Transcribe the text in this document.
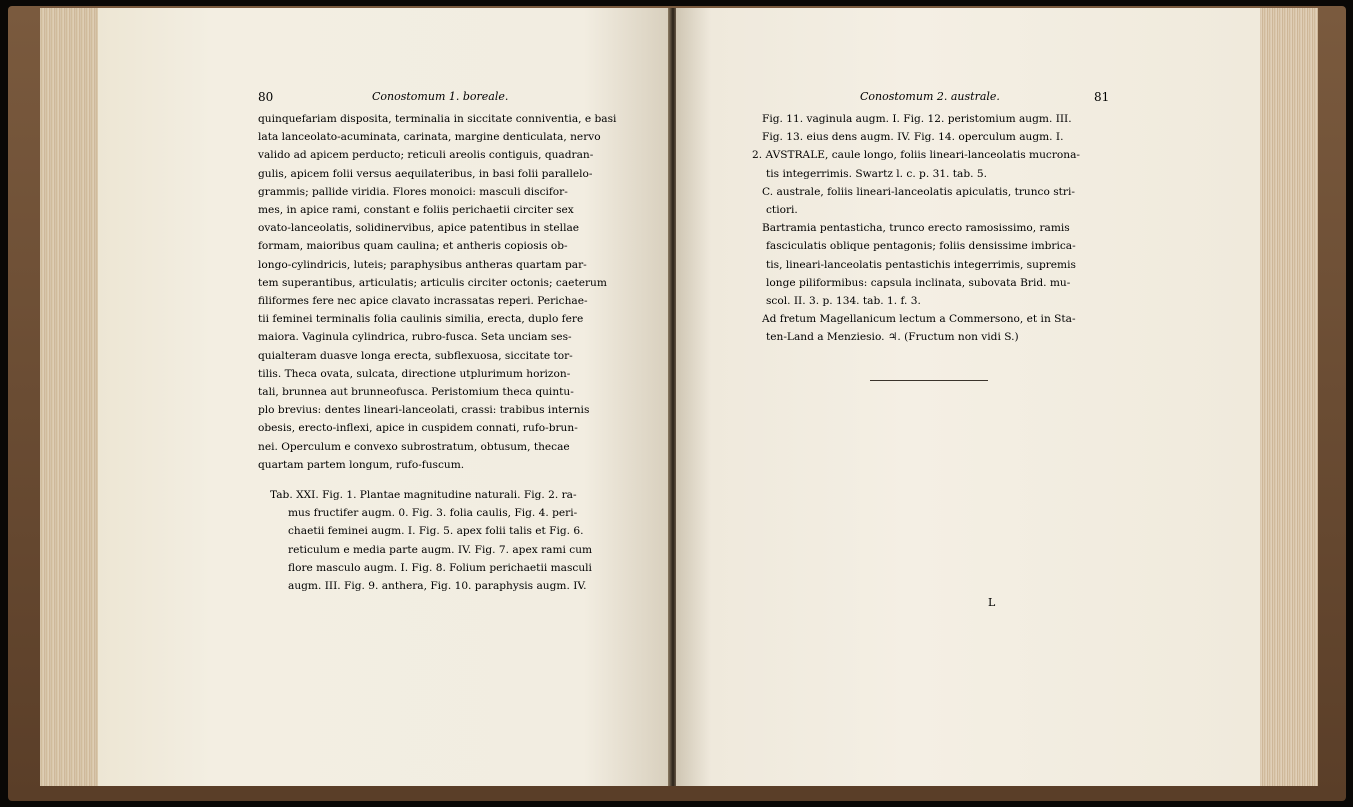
80	Conostomum 1. boreale.
quinquefariam disposita, terminalia in siccitate conniventia, e basi
lata lanceolato-acuminata, carinata, margine denticulata, nervo
valido ad apicem perducto; reticuli areolis contiguis, quadran-
gulis, apicem folii versus aequilateribus, in basi folii parallelo-
grammis; pallide viridia. Flores monoici: masculi discifor-
mes, in apice rami, constant e foliis perichaetii circiter sex
ovato-lanceolatis, solidinervibus, apice patentibus in stellae
formam, maioribus quam caulina; et antheris copiosis ob-
longo-cylindricis, luteis; paraphysibus antheras quartam par-
tem superantibus, articulatis; articulis circiter octonis; caeterum
filiformes fere nec apice clavato incrassatas reperi. Perichae-
tii feminei terminalis folia caulinis similia, erecta, duplo fere
maiora. Vaginula cylindrica, rubro-fusca. Seta unciam ses-
quialteram duasve longa erecta, subflexuosa, siccitate tor-
tilis. Theca ovata, sulcata, directione utplurimum horizon-
tali, brunnea aut brunneofusca. Peristomium theca quintu-
plo brevius: dentes lineari-lanceolati, crassi: trabibus internis
obesis, erecto-inflexi, apice in cuspidem connati, rufo-brun-
nei. Operculum e convexo subrostratum, obtusum, thecae
quartam partem longum, rufo-fuscum.
Tab. XXI. Fig. 1. Plantae magnitudine naturali. Fig. 2. ra-
mus fructifer augm. 0. Fig. 3. folia caulis, Fig. 4. peri-
chaetii feminei augm. I. Fig. 5. apex folii talis et Fig. 6.
reticulum e media parte augm. IV. Fig. 7. apex rami cum
flore masculo augm. I. Fig. 8. Folium perichaetii masculi
augm. III. Fig. 9. anthera, Fig. 10. paraphysis augm. IV.
Conostomum 2. australe.	81
Fig. 11. vaginula augm. I. Fig. 12. peristomium augm. III.
Fig. 13. eius dens augm. IV. Fig. 14. operculum augm. I.
2. AVSTRALE, caule longo, foliis lineari-lanceolatis mucrona-
tis integerrimis. Swartz l. c. p. 31. tab. 5.
C. australe, foliis lineari-lanceolatis apiculatis, trunco stri-
ctiori.
Bartramia pentasticha, trunco erecto ramosissimo, ramis
fasciculatis oblique pentagonis; foliis densissime imbrica-
tis, lineari-lanceolatis pentastichis integerrimis, supremis
longe piliformibus: capsula inclinata, subovata Brid. mu-
scol. II. 3. p. 134. tab. 1. f. 3.
Ad fretum Magellanicum lectum a Commersono, et in Sta-
ten-Land a Menziesio. ♃. (Fructum non vidi S.)
L
